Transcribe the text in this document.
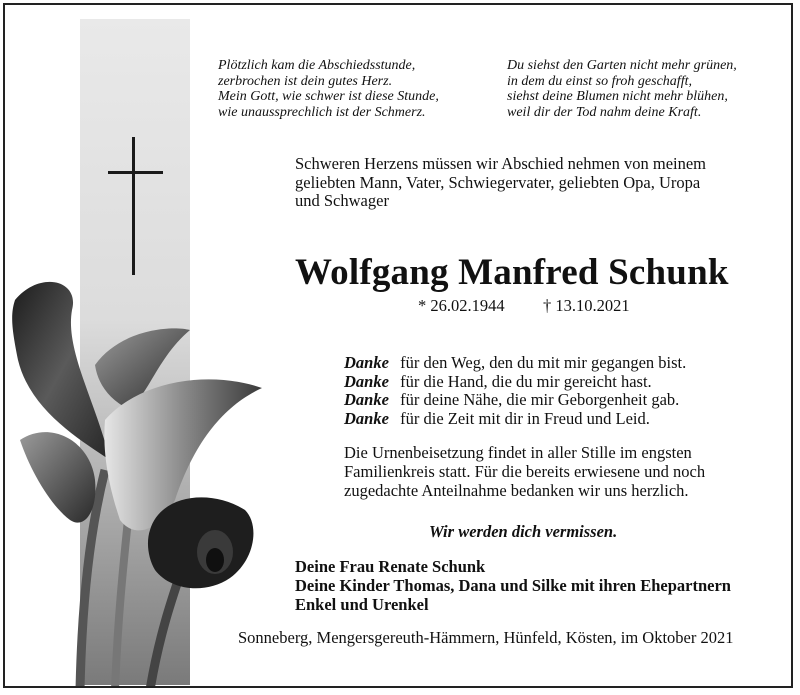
Plötzlich kam die Abschiedsstunde,
zerbrochen ist dein gutes Herz.
Mein Gott, wie schwer ist diese Stunde,
wie unaussprechlich ist der Schmerz.
Du siehst den Garten nicht mehr grünen,
in dem du einst so froh geschafft,
siehst deine Blumen nicht mehr blühen,
weil dir der Tod nahm deine Kraft.
Schweren Herzens müssen wir Abschied nehmen von meinem
geliebten Mann, Vater, Schwiegervater, geliebten Opa, Uropa
und Schwager
Wolfgang Manfred Schunk
* 26.02.1944 † 13.10.2021
Danke für den Weg, den du mit mir gegangen bist.
Danke für die Hand, die du mir gereicht hast.
Danke für deine Nähe, die mir Geborgenheit gab.
Danke für die Zeit mit dir in Freud und Leid.
Die Urnenbeisetzung findet in aller Stille im engsten
Familienkreis statt. Für die bereits erwiesene und noch
zugedachte Anteilnahme bedanken wir uns herzlich.
Wir werden dich vermissen.
Deine Frau Renate Schunk
Deine Kinder Thomas, Dana und Silke mit ihren Ehepartnern
Enkel und Urenkel
Sonneberg, Mengersgereuth-Hämmern, Hünfeld, Kösten, im Oktober 2021
